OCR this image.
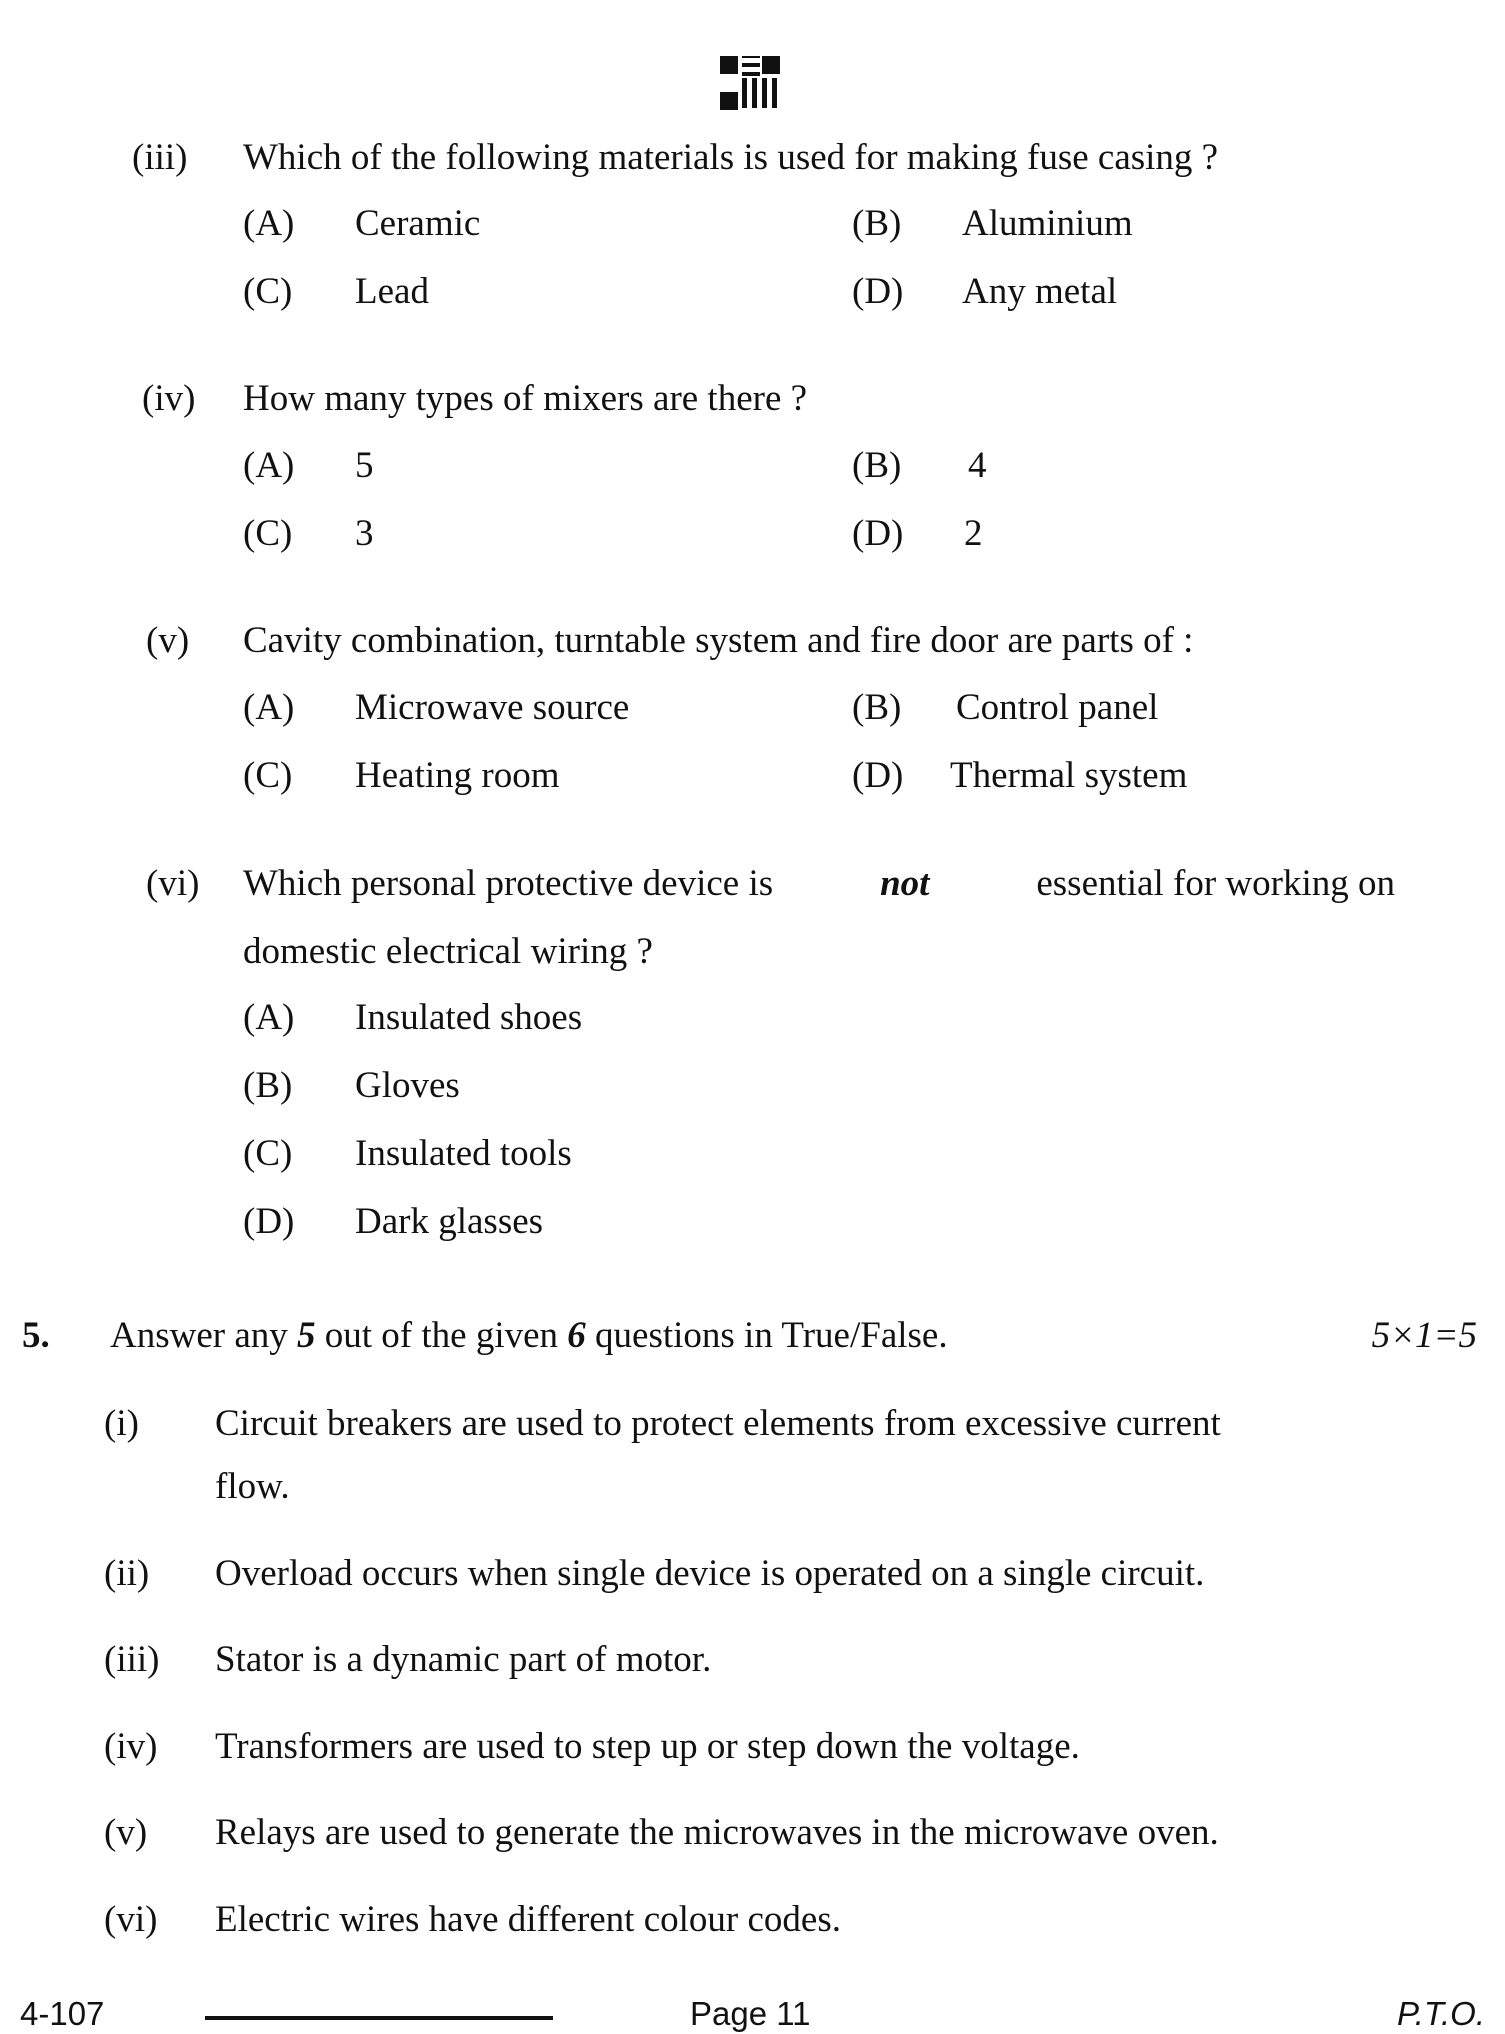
(iii) Which of the following materials is used for making fuse casing ?
(A) Ceramic	(B) Aluminium
(C) Lead	(D) Any metal
(iv) How many types of mixers are there ?
(A) 5	(B) 4
(C) 3	(D) 2
(v) Cavity combination, turntable system and fire door are parts of :
(A) Microwave source	(B) Control panel
(C) Heating room	(D) Thermal system
(vi) Which personal protective device is	not	essential for working on
domestic electrical wiring ?
(A) Insulated shoes
(B) Gloves
(C) Insulated tools
(D) Dark glasses
5. Answer any 5 out of the given 6 questions in True/False.	5×1=5
(i) Circuit breakers are used to protect elements from excessive current
flow.
(ii) Overload occurs when single device is operated on a single circuit.
(iii) Stator is a dynamic part of motor.
(iv) Transformers are used to step up or step down the voltage.
(v) Relays are used to generate the microwaves in the microwave oven.
(vi) Electric wires have different colour codes.
4-107	Page 11	P.T.O.
